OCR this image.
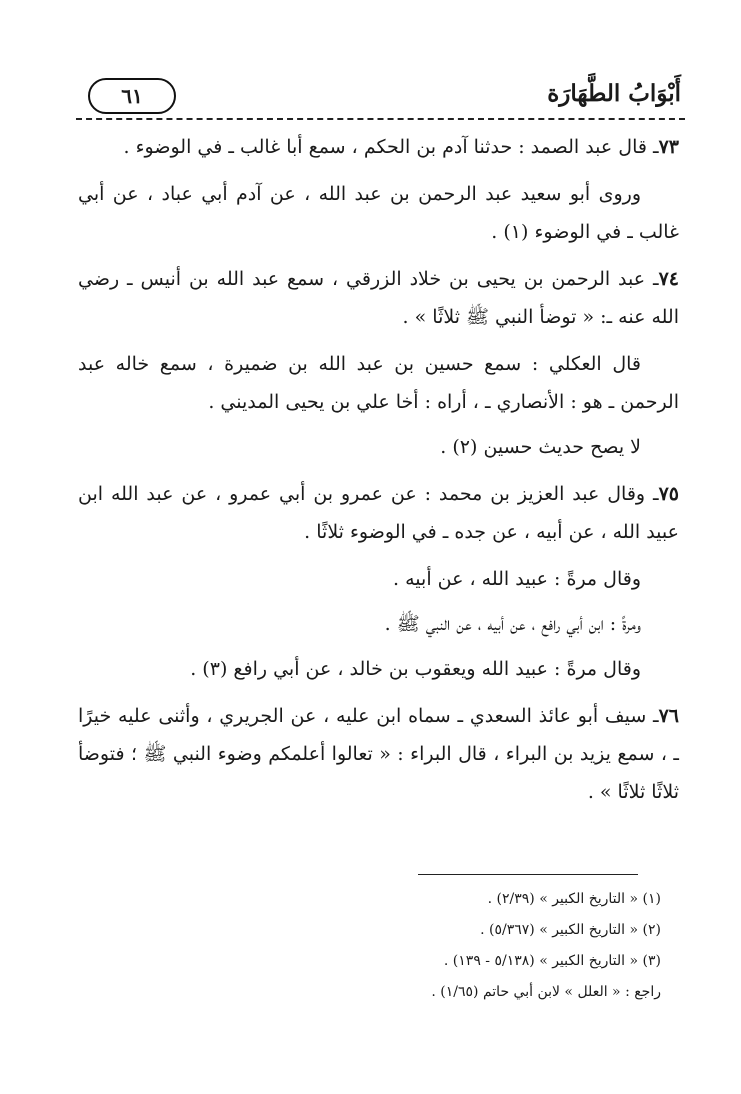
٦١	أَبْوَابُ الطَّهَارَة

٧٣ـ قال عبد الصمد : حدثنا آدم بن الحكم ، سمع أبا غالب ـ في الوضوء .

وروى أبو سعيد عبد الرحمن بن عبد الله ، عن آدم أبي عباد ، عن أبي غالب ـ في الوضوء (١) .

٧٤ـ عبد الرحمن بن يحيى بن خلاد الزرقي ، سمع عبد الله بن أنيس ـ رضي الله عنه ـ: « توضأ النبي ﷺ ثلاثًا » .

قال العكلي : سمع حسين بن عبد الله بن ضميرة ، سمع خاله عبد الرحمن ـ هو : الأنصاري ـ ، أراه : أخا علي بن يحيى المديني .

لا يصح حديث حسين (٢) .

٧٥ـ وقال عبد العزيز بن محمد : عن عمرو بن أبي عمرو ، عن عبد الله ابن عبيد الله ، عن أبيه ، عن جده ـ في الوضوء ثلاثًا .

وقال مرةً : عبيد الله ، عن أبيه .

ومرةً : ابن أبي رافع ، عن أبيه ، عن النبي ﷺ .

وقال مرةً : عبيد الله ويعقوب بن خالد ، عن أبي رافع (٣) .

٧٦ـ سيف أبو عائذ السعدي ـ سماه ابن عليه ، عن الجريري ، وأثنى عليه خيرًا ـ ، سمع يزيد بن البراء ، قال البراء : « تعالوا أعلمكم وضوء النبي ﷺ ؛ فتوضأ ثلاثًا ثلاثًا » .

(١) « التاريخ الكبير » (٢/٣٩) .

(٢) « التاريخ الكبير » (٥/٣٦٧) .

(٣) « التاريخ الكبير » (٥/١٣٨ - ١٣٩) .

راجع : « العلل » لابن أبي حاتم (١/٦٥) .
